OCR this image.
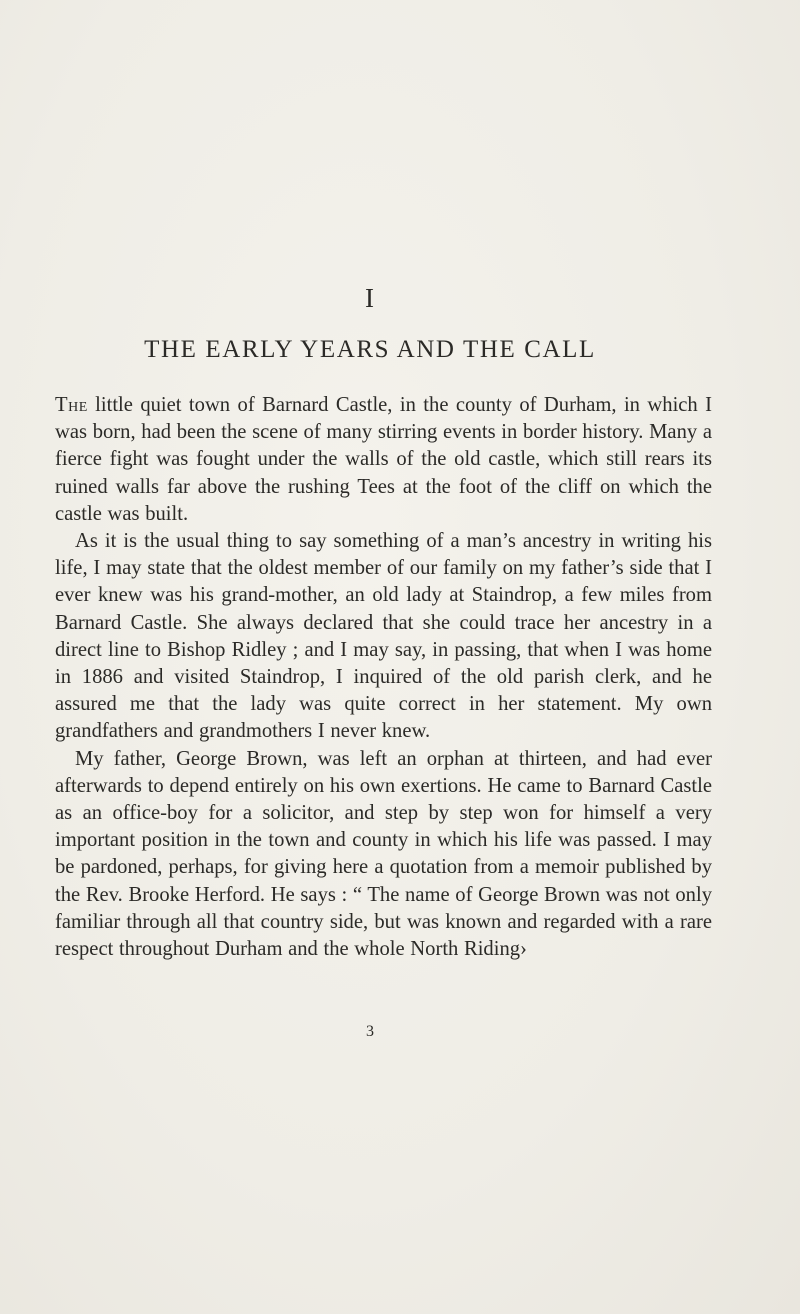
I
THE EARLY YEARS AND THE CALL

The little quiet town of Barnard Castle, in the county of Durham, in which I was born, had been the scene of many stirring events in border history. Many a fierce fight was fought under the walls of the old castle, which still rears its ruined walls far above the rushing Tees at the foot of the cliff on which the castle was built.

As it is the usual thing to say something of a man’s ancestry in writing his life, I may state that the oldest member of our family on my father’s side that I ever knew was his grand-mother, an old lady at Staindrop, a few miles from Barnard Castle. She always declared that she could trace her ancestry in a direct line to Bishop Ridley ; and I may say, in passing, that when I was home in 1886 and visited Staindrop, I inquired of the old parish clerk, and he assured me that the lady was quite correct in her statement. My own grandfathers and grandmothers I never knew.

My father, George Brown, was left an orphan at thirteen, and had ever afterwards to depend entirely on his own exertions. He came to Barnard Castle as an office-boy for a solicitor, and step by step won for himself a very important position in the town and county in which his life was passed. I may be pardoned, perhaps, for giving here a quotation from a memoir published by the Rev. Brooke Herford. He says : “ The name of George Brown was not only familiar through all that country side, but was known and regarded with a rare respect throughout Durham and the whole North Riding›

3
